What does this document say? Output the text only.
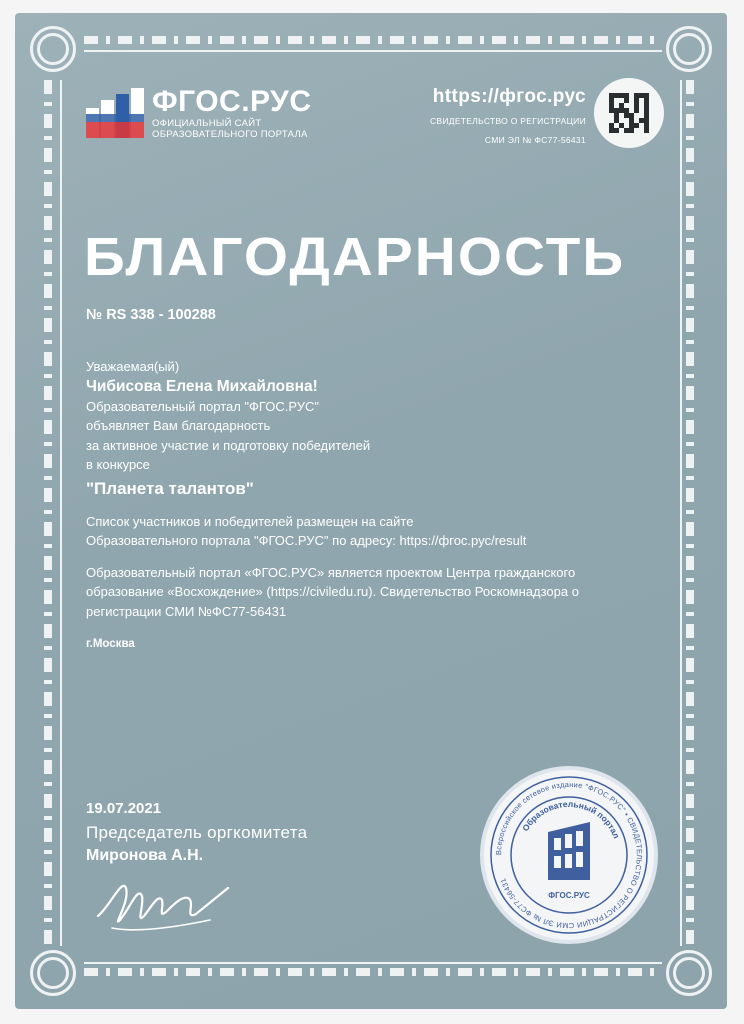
ФГОС.РУС
ОФИЦИАЛЬНЫЙ САЙТ
ОБРАЗОВАТЕЛЬНОГО ПОРТАЛА
https://фгос.рус
СВИДЕТЕЛЬСТВО О РЕГИСТРАЦИИ
СМИ ЭЛ № ФС77-56431
БЛАГОДАРНОСТЬ
№ RS 338 - 100288
Уважаемая(ый)
Чибисова Елена Михайловна!
Образовательный портал "ФГОС.РУС"
объявляет Вам благодарность
за активное участие и подготовку победителей
в конкурсе
"Планета талантов"
Список участников и победителей размещен на сайте
Образовательного портала "ФГОС.РУС" по адресу: https://фгос.рус/result
Образовательный портал «ФГОС.РУС» является проектом Центра гражданского
образование «Восхождение» (https://civiledu.ru). Свидетельство Роскомнадзора о
регистрации СМИ №ФС77-56431
г.Москва
19.07.2021
Председатель оргкомитета
Миронова А.Н.	Всероссийское сетевое издание "ФГОС.РУС" • СВИДЕТЕЛЬСТВО О РЕГИСТРАЦИИ СМИ ЭЛ № ФС77-56431
Образовательный портал
ФГОС.РУС
